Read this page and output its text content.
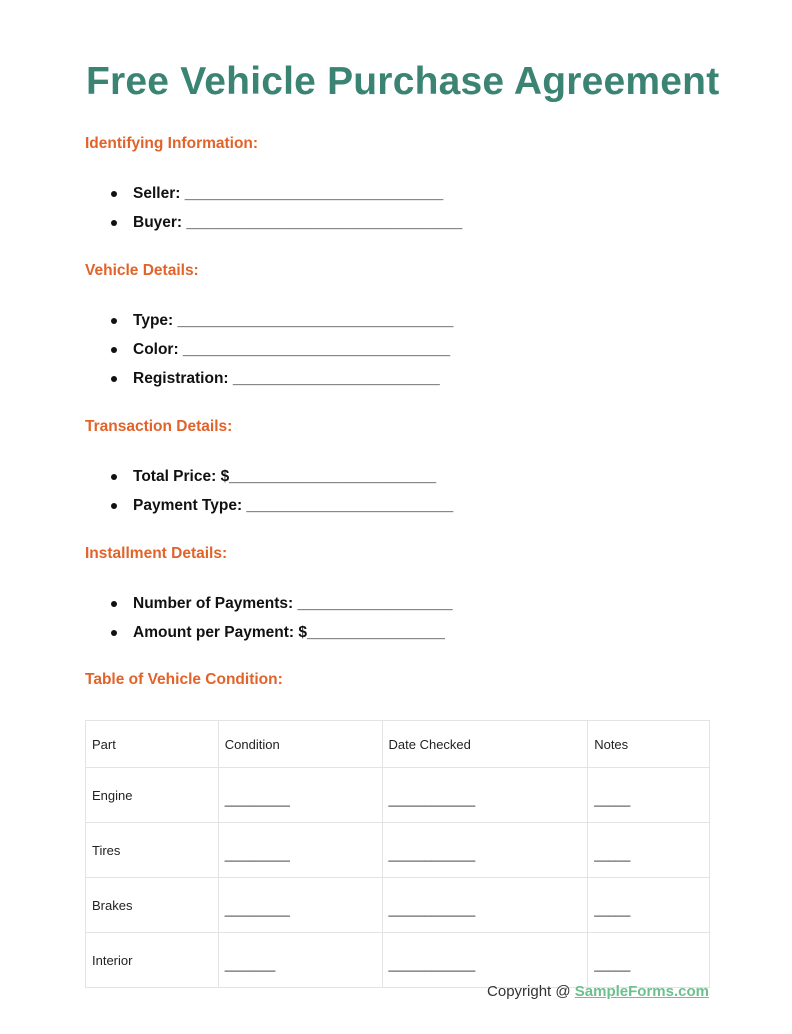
Free Vehicle Purchase Agreement
Identifying Information:
Seller: ______________________________
Buyer: ________________________________
Vehicle Details:
Type: ________________________________
Color: _______________________________
Registration: ________________________
Transaction Details:
Total Price: $________________________
Payment Type: ________________________
Installment Details:
Number of Payments: __________________
Amount per Payment: $________________
Table of Vehicle Condition:
Part	Condition	Date Checked	Notes
Engine	_________	____________	_____
Tires	_________	____________	_____
Brakes	_________	____________	_____
Interior	_______	____________	_____
Copyright @ SampleForms.com
